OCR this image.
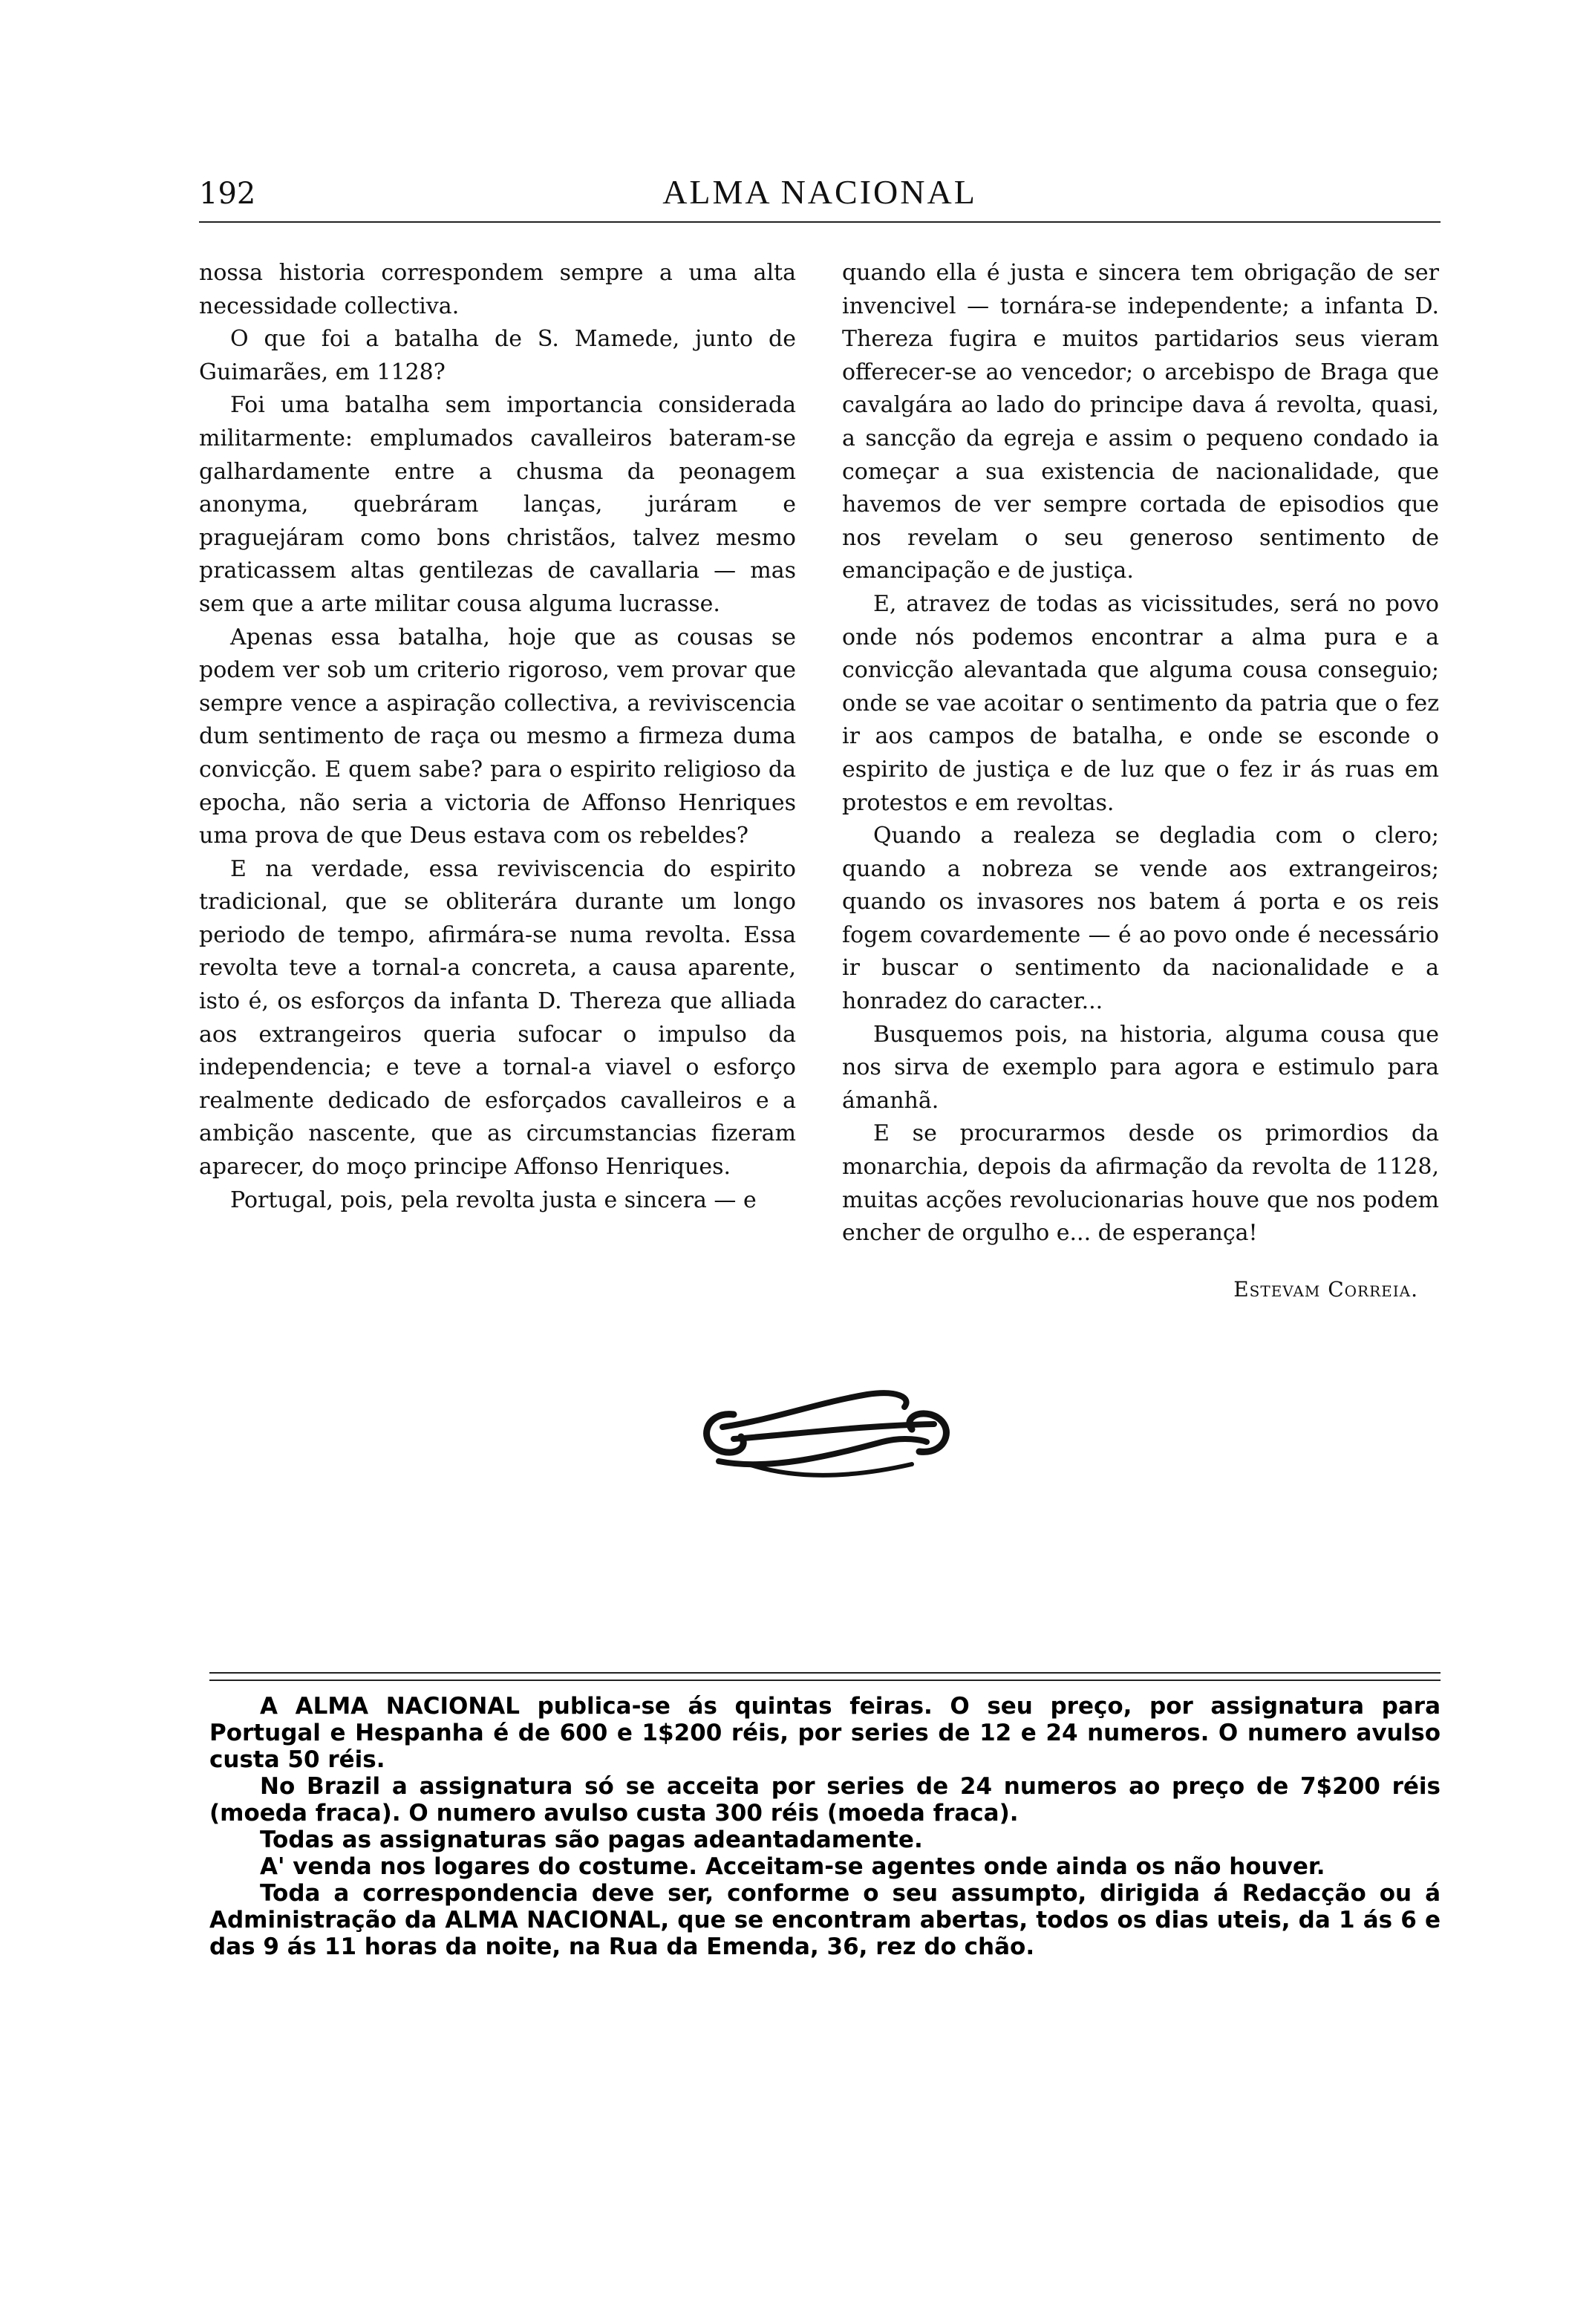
192	ALMA NACIONAL

nossa historia correspondem sempre a uma alta necessidade collectiva.

O que foi a batalha de S. Mamede, junto de Guimarães, em 1128?

Foi uma batalha sem importancia considerada militarmente: emplumados cavalleiros bateram-se galhardamente entre a chusma da peonagem anonyma, quebráram lanças, juráram e praguejáram como bons christãos, talvez mesmo praticassem altas gentilezas de cavallaria — mas sem que a arte militar cousa alguma lucrasse.

Apenas essa batalha, hoje que as cousas se podem ver sob um criterio rigoroso, vem provar que sempre vence a aspiração collectiva, a reviviscencia dum sentimento de raça ou mesmo a firmeza duma convicção. E quem sabe? para o espirito religioso da epocha, não seria a victoria de Affonso Henriques uma prova de que Deus estava com os rebeldes?

E na verdade, essa reviviscencia do espirito tradicional, que se obliterára durante um longo periodo de tempo, afirmára-se numa revolta. Essa revolta teve a tornal-a concreta, a causa aparente, isto é, os esforços da infanta D. Thereza que alliada aos extrangeiros queria sufocar o impulso da independencia; e teve a tornal-a viavel o esforço realmente dedicado de esforçados cavalleiros e a ambição nascente, que as circumstancias fizeram aparecer, do moço principe Affonso Henriques.

Portugal, pois, pela revolta justa e sincera — e

quando ella é justa e sincera tem obrigação de ser invencivel — tornára-se independente; a infanta D. Thereza fugira e muitos partidarios seus vieram offerecer-se ao vencedor; o arcebispo de Braga que cavalgára ao lado do principe dava á revolta, quasi, a sancção da egreja e assim o pequeno condado ia começar a sua existencia de nacionalidade, que havemos de ver sempre cortada de episodios que nos revelam o seu generoso sentimento de emancipação e de justiça.

E, atravez de todas as vicissitudes, será no povo onde nós podemos encontrar a alma pura e a convicção alevantada que alguma cousa conseguio; onde se vae acoitar o sentimento da patria que o fez ir aos campos de batalha, e onde se esconde o espirito de justiça e de luz que o fez ir ás ruas em protestos e em revoltas.

Quando a realeza se degladia com o clero; quando a nobreza se vende aos extrangeiros; quando os invasores nos batem á porta e os reis fogem covardemente — é ao povo onde é necessário ir buscar o sentimento da nacionalidade e a honradez do caracter...

Busquemos pois, na historia, alguma cousa que nos sirva de exemplo para agora e estimulo para ámanhã.

E se procurarmos desde os primordios da monarchia, depois da afirmação da revolta de 1128, muitas acções revolucionarias houve que nos podem encher de orgulho e... de esperança!

Estevam Correia.

A ALMA NACIONAL publica-se ás quintas feiras. O seu preço, por assignatura para Portugal e Hespanha é de 600 e 1$200 réis, por series de 12 e 24 numeros. O numero avulso custa 50 réis.

No Brazil a assignatura só se acceita por series de 24 numeros ao preço de 7$200 réis (moeda fraca). O numero avulso custa 300 réis (moeda fraca).

Todas as assignaturas são pagas adeantadamente.

A' venda nos logares do costume. Acceitam-se agentes onde ainda os não houver.

Toda a correspondencia deve ser, conforme o seu assumpto, dirigida á Redacção ou á Administração da ALMA NACIONAL, que se encontram abertas, todos os dias uteis, da 1 ás 6 e das 9 ás 11 horas da noite, na Rua da Emenda, 36, rez do chão.
